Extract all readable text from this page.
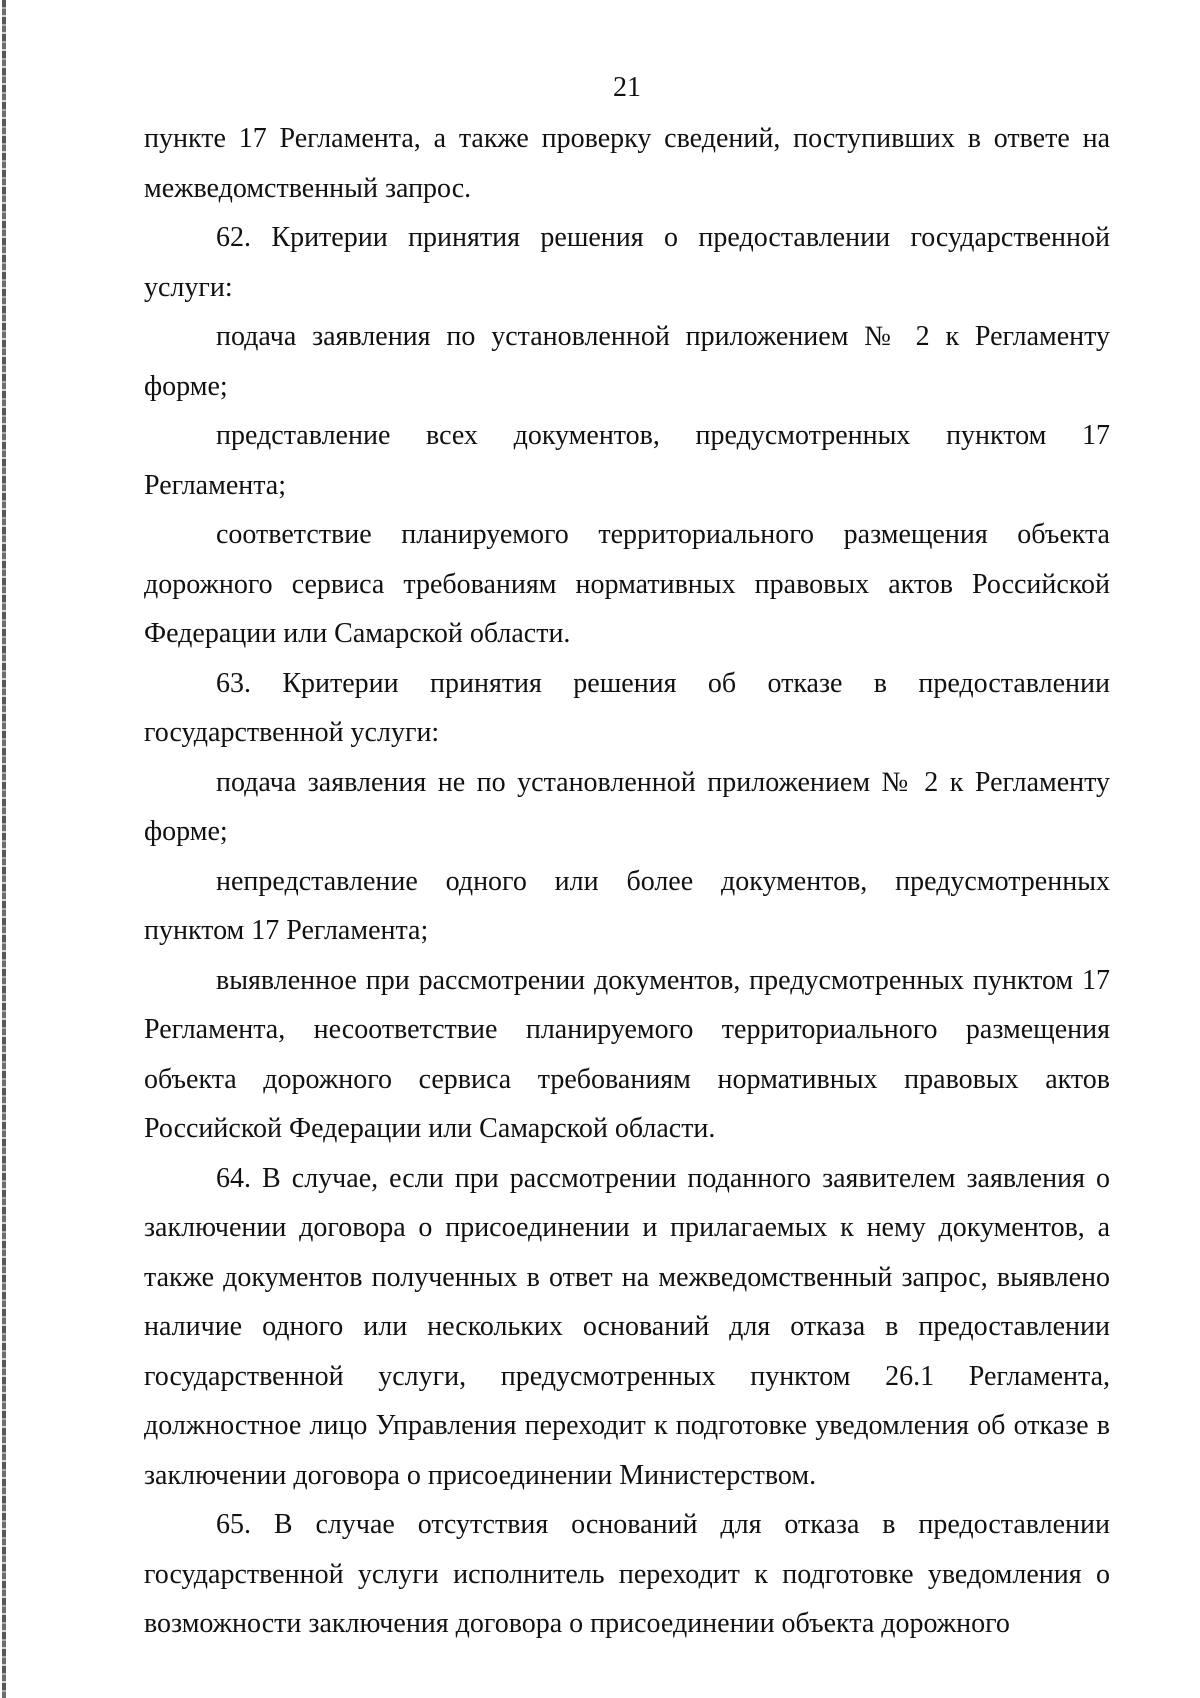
21

пункте 17 Регламента, а также проверку сведений, поступивших в ответе на межведомственный запрос.

62. Критерии принятия решения о предоставлении государственной услуги:

подача заявления по установленной приложением № 2 к Регламенту форме;

представление всех документов, предусмотренных пунктом 17 Регламента;

соответствие планируемого территориального размещения объекта дорожного сервиса требованиям нормативных правовых актов Российской Федерации или Самарской области.

63. Критерии принятия решения об отказе в предоставлении государственной услуги:

подача заявления не по установленной приложением № 2 к Регламенту форме;

непредставление одного или более документов, предусмотренных пунктом 17 Регламента;

выявленное при рассмотрении документов, предусмотренных пунктом 17 Регламента, несоответствие планируемого территориального размещения объекта дорожного сервиса требованиям нормативных правовых актов Российской Федерации или Самарской области.

64. В случае, если при рассмотрении поданного заявителем заявления о заключении договора о присоединении и прилагаемых к нему документов, а также документов полученных в ответ на межведомственный запрос, выявлено наличие одного или нескольких оснований для отказа в предоставлении государственной услуги, предусмотренных пунктом 26.1 Регламента, должностное лицо Управления переходит к подготовке уведомления об отказе в заключении договора о присоединении Министерством.

65. В случае отсутствия оснований для отказа в предоставлении государственной услуги исполнитель переходит к подготовке уведомления о возможности заключения договора о присоединении объекта дорожного
